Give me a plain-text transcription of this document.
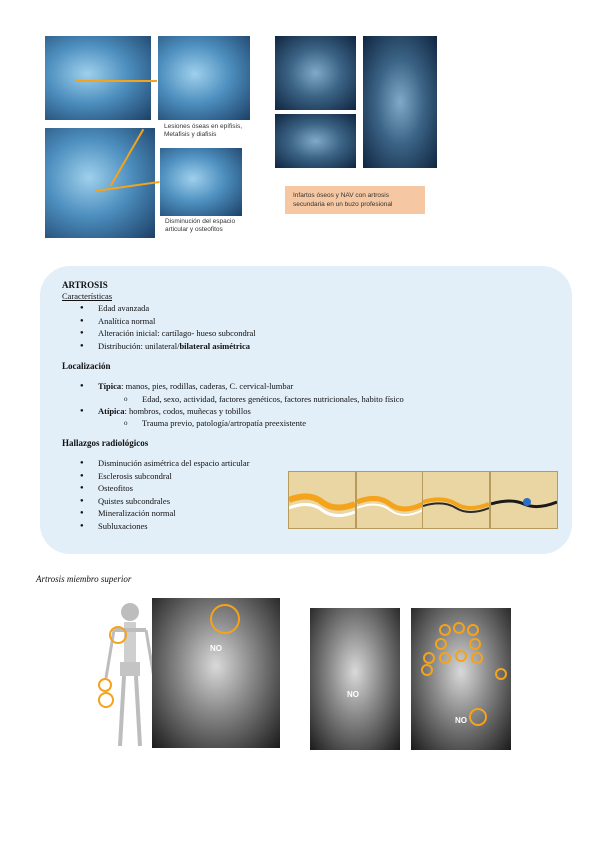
Lesiones óseas en epífisis, Metafisis y diafisis
Disminución del espacio articular y osteofitos
Infartos óseos y NAV con artrosis secundaria en un buzo profesional
ARTROSIS
Características
● Edad avanzada
● Analítica normal
● Alteración inicial: cartílago- hueso subcondral
● Distribución: unilateral/bilateral asimétrica
Localización
● Típica: manos, pies, rodillas, caderas, C. cervical-lumbar
o Edad, sexo, actividad, factores genéticos, factores nutricionales, habito físico
● Atípica: hombros, codos, muñecas y tobillos
o Trauma previo, patología/artropatía preexistente
Hallazgos radiológicos
● Disminución asimétrica del espacio articular
● Esclerosis subcondral
● Osteofitos
● Quistes subcondrales
● Mineralización normal
● Subluxaciones
Artrosis miembro superior
NO
NO
NO
